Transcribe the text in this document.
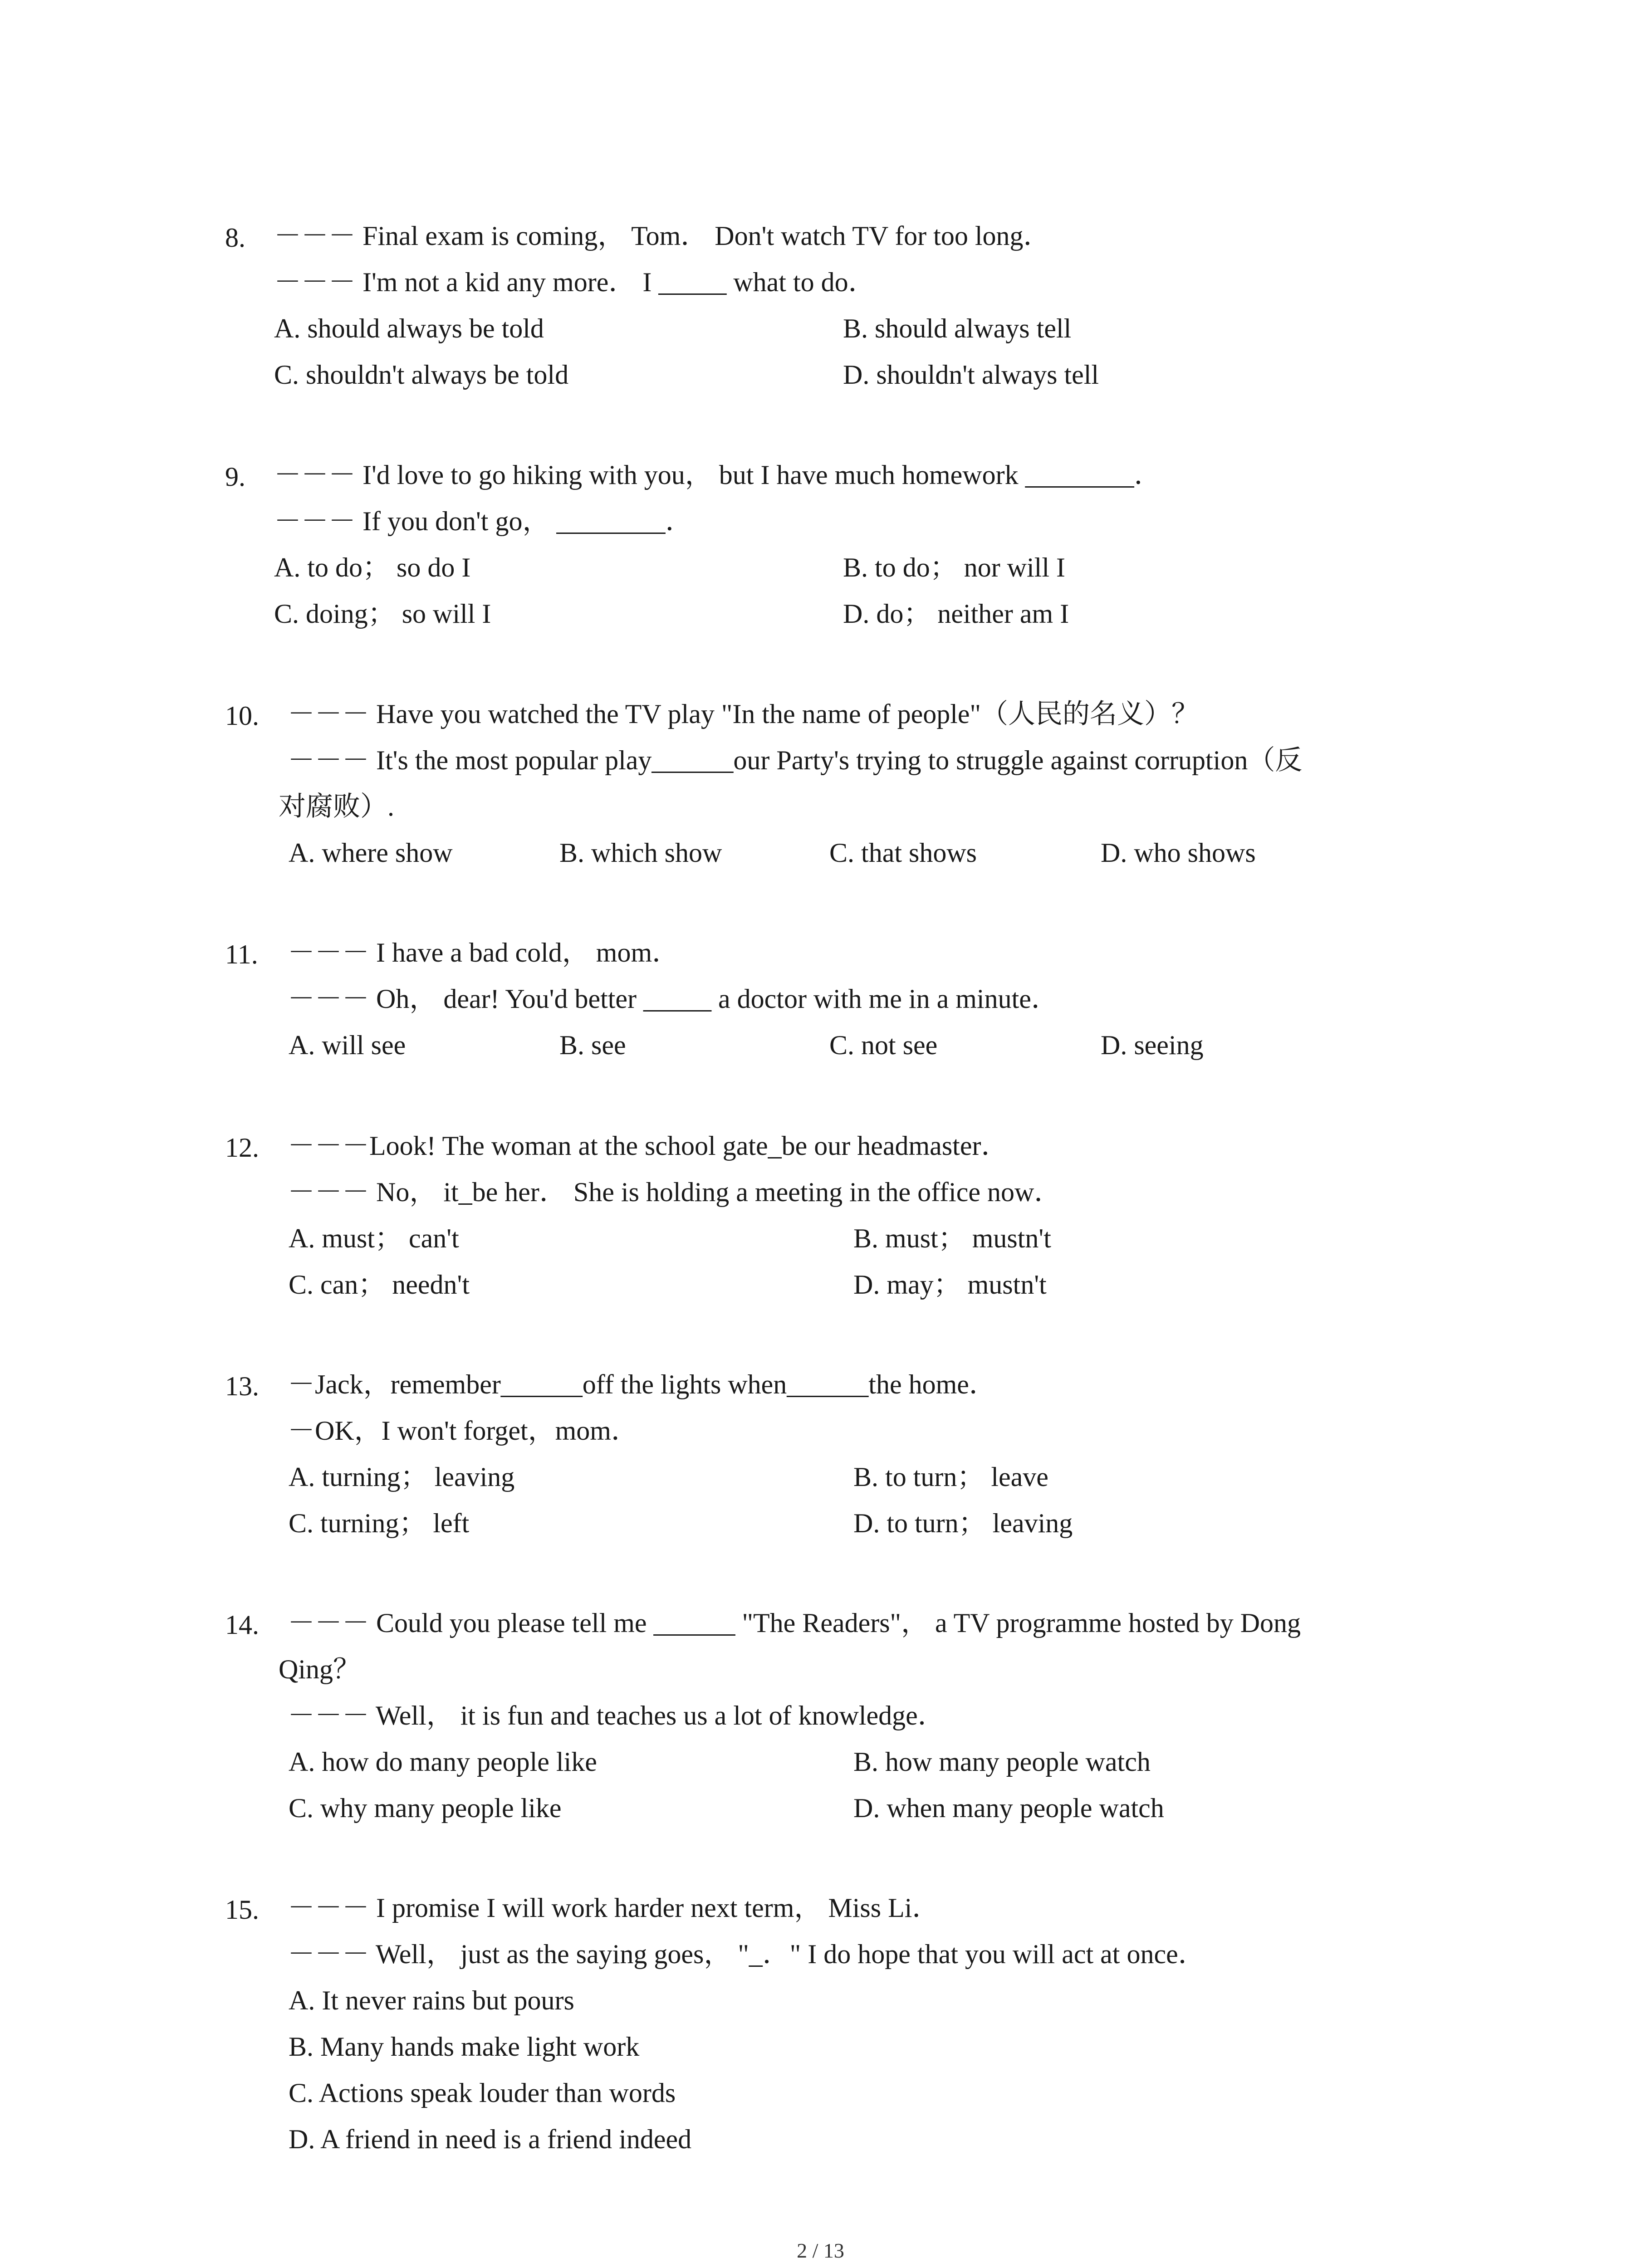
8. －－－ Final exam is coming， Tom． Don't watch TV for too long．
－－－ I'm not a kid any more． I _____ what to do．
A. should always be told	B. should always tell
C. shouldn't always be told	D. shouldn't always tell
9. －－－ I'd love to go hiking with you， but I have much homework ________．
－－－ If you don't go， ________．
A. to do； so do I	B. to do； nor will I
C. doing； so will I	D. do； neither am I
10. －－－ Have you watched the TV play "In the name of people"（人民的名义）？
－－－ It's the most popular play______our Party's trying to struggle against corruption（反
对腐败）.
A. where show	B. which show	C. that shows	D. who shows
11. －－－ I have a bad cold， mom．
－－－ Oh， dear! You'd better _____ a doctor with me in a minute．
A. will see	B. see	C. not see	D. seeing
12. －－－Look! The woman at the school gate_be our headmaster．
－－－ No， it_be her． She is holding a meeting in the office now．
A. must； can't	B. must； mustn't
C. can； needn't	D. may； mustn't
13. －Jack，remember______off the lights when______the home．
－OK，I won't forget，mom．
A. turning； leaving	B. to turn； leave
C. turning； left	D. to turn； leaving
14. －－－ Could you please tell me ______ "The Readers"， a TV programme hosted by Dong
Qing？
－－－ Well， it is fun and teaches us a lot of knowledge．
A. how do many people like	B. how many people watch
C. why many people like	D. when many people watch
15. －－－ I promise I will work harder next term， Miss Li．
－－－ Well， just as the saying goes， "_．" I do hope that you will act at once．
A. It never rains but pours
B. Many hands make light work
C. Actions speak louder than words
D. A friend in need is a friend indeed
2 / 13
